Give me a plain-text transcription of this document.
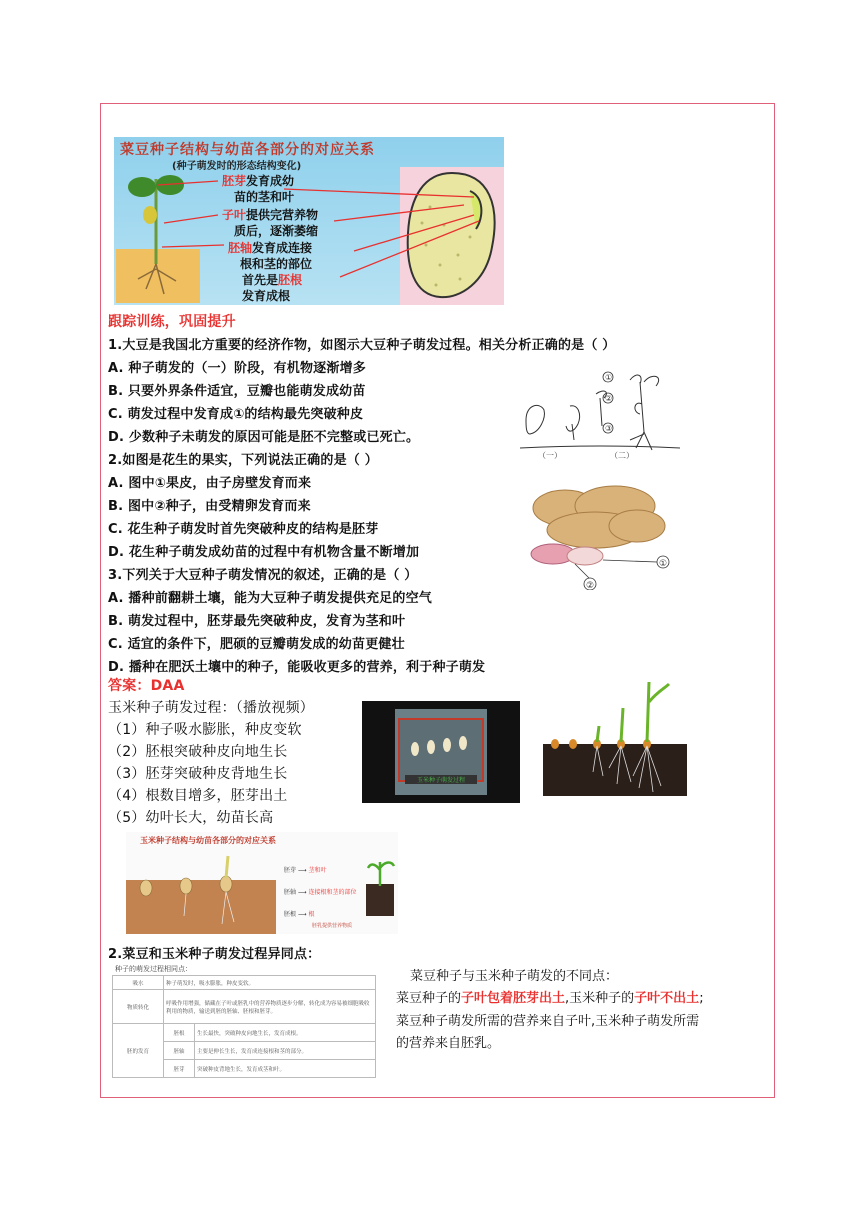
菜豆种子结构与幼苗各部分的对应关系
(种子萌发时的形态结构变化)
胚芽发育成幼
苗的茎和叶
子叶提供完营养物
质后，逐渐萎缩
胚轴发育成连接
根和茎的部位
首先是胚根
发育成根
跟踪训练，巩固提升
1.大豆是我国北方重要的经济作物，如图示大豆种子萌发过程。相关分析正确的是（ ）
A. 种子萌发的（一）阶段，有机物逐渐增多
B. 只要外界条件适宜，豆瓣也能萌发成幼苗
C. 萌发过程中发育成①的结构最先突破种皮
D. 少数种子未萌发的原因可能是胚不完整或已死亡。
①
②
③
（一）	（二）
2.如图是花生的果实，下列说法正确的是（ ）
A. 图中①果皮，由子房壁发育而来
B. 图中②种子，由受精卵发育而来
C. 花生种子萌发时首先突破种皮的结构是胚芽
D. 花生种子萌发成幼苗的过程中有机物含量不断增加
①
②
3.下列关于大豆种子萌发情况的叙述，正确的是（ ）
A. 播种前翻耕土壤，能为大豆种子萌发提供充足的空气
B. 萌发过程中，胚芽最先突破种皮，发育为茎和叶
C. 适宜的条件下，肥硕的豆瓣萌发成的幼苗更健壮
D. 播种在肥沃土壤中的种子，能吸收更多的营养，利于种子萌发
答案：DAA
玉米种子萌发过程：（播放视频）
（1）种子吸水膨胀，种皮变软
（2）胚根突破种皮向地生长
（3）胚芽突破种皮背地生长
（4）根数目增多，胚芽出土
（5）幼叶长大，幼苗长高
玉米种子萌发过程
玉米种子结构与幼苗各部分的对应关系
胚芽 ⟶ 茎和叶
胚轴 ⟶ 连接根和茎的部位
胚根 ⟶ 根
胚乳提供营养物质
2.菜豆和玉米种子萌发过程异同点：
种子的萌发过程相同点：
吸水	种子萌发时，吸水膨胀，种皮变软。	
物质转化	呼吸作用增强，储藏在子叶或胚乳中的营养物质逐步分解，转化成为容易被细胞吸收利用的物质，输送到胚的胚轴、胚根和胚芽。	
胚的发育	胚根	生长最快，突破种皮向地生长，发育成根。
	胚轴	主要是伸长生长，发育成连接根和茎的部分。
	胚芽	突破种皮背地生长，发育成茎和叶。
菜豆种子与玉米种子萌发的不同点：
菜豆种子的子叶包着胚芽出土,玉米种子的子叶不出土;
菜豆种子萌发所需的营养来自子叶,玉米种子萌发所需
的营养来自胚乳。
